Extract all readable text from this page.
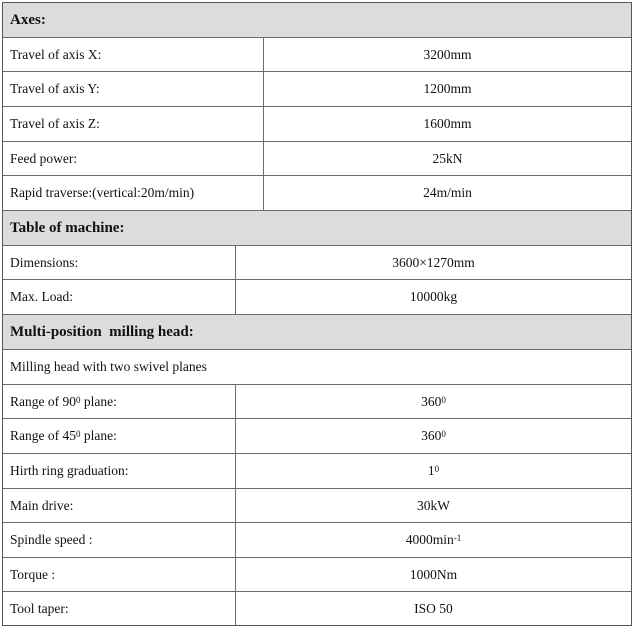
Axes:
Travel of axis X:	3200mm
Travel of axis Y:	1200mm
Travel of axis Z:	1600mm
Feed power:	25kN
Rapid traverse:(vertical:20m/min)	24m/min
Table of machine:
Dimensions:	3600×1270mm
Max. Load:	10000kg
Multi-position  milling head:
Milling head with two swivel planes
Range of $90^0$ plane:	$360^0$
Range of $45^0$ plane:	$360^0$
Hirth ring graduation:	$1^0$
Main drive:	30kW
Spindle speed :	$4000\min^{-1}$
Torque :	1000Nm
Tool taper:	ISO 50
